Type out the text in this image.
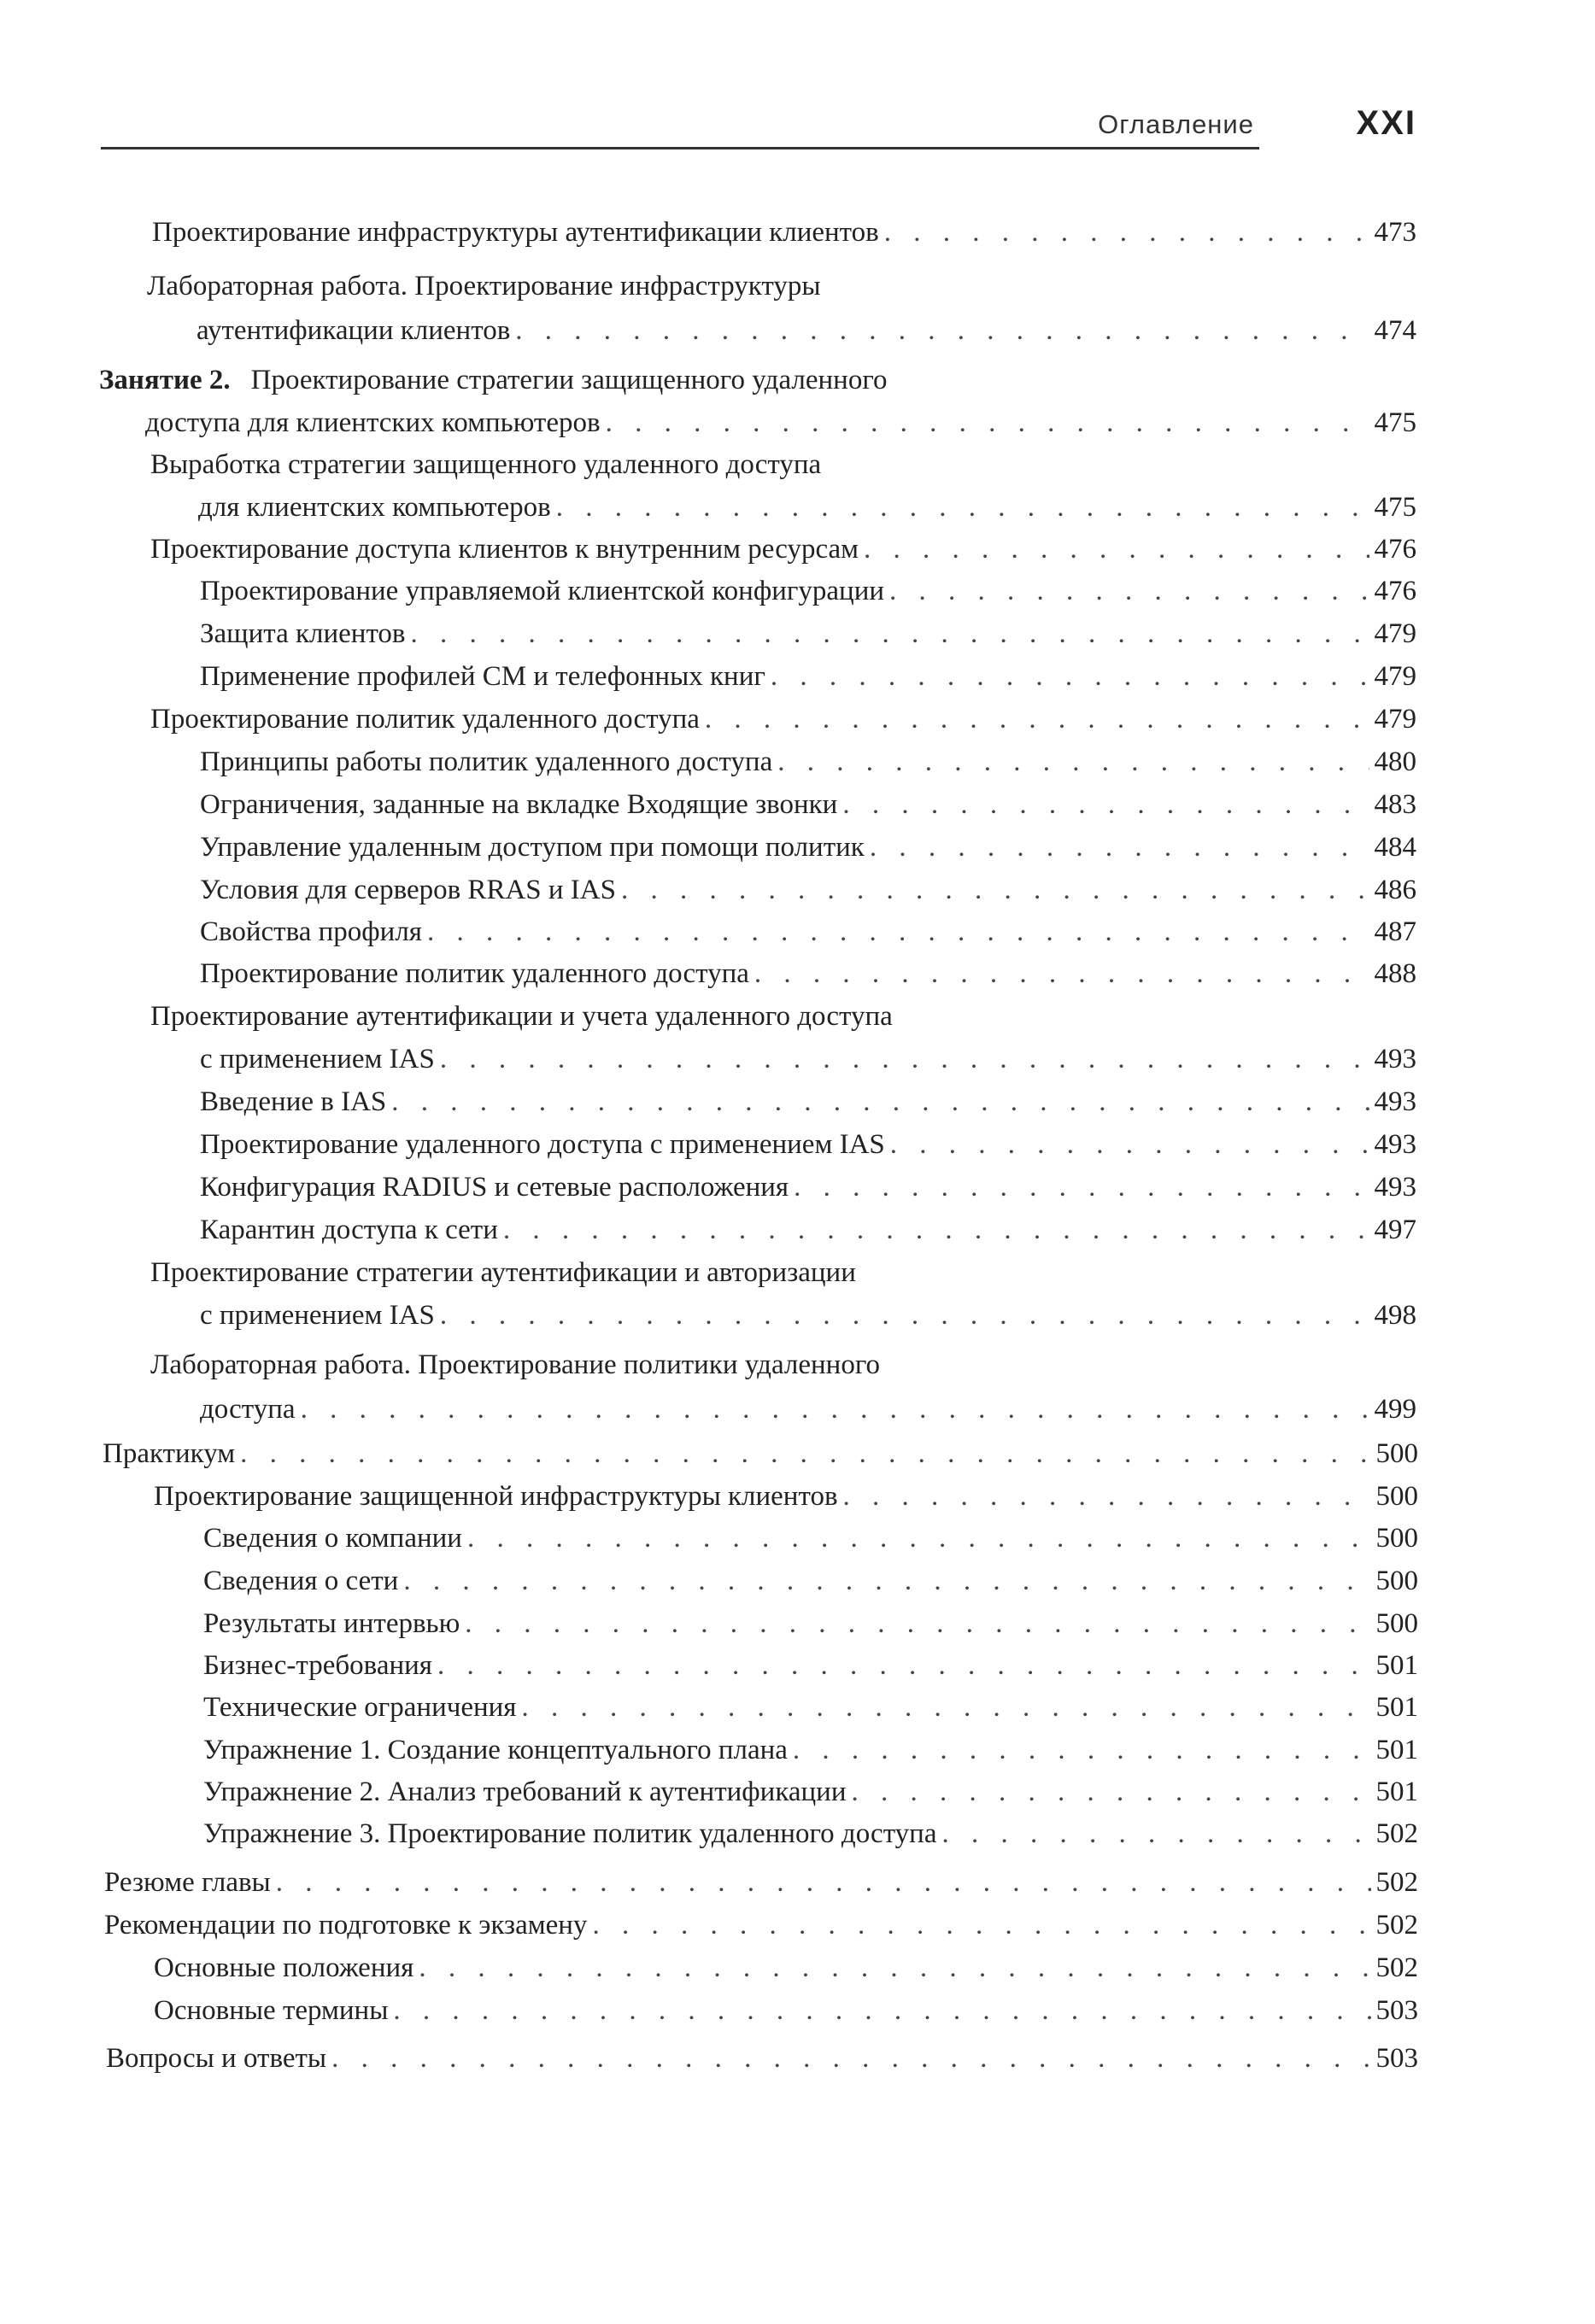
Оглавление	XXI
Проектирование инфраструктуры аутентификации клиентов . . .	473
Лабораторная работа. Проектирование инфраструктуры
аутентификации клиентов . . .	474
Занятие 2. Проектирование стратегии защищенного удаленного
доступа для клиентских компьютеров . . .	475
Выработка стратегии защищенного удаленного доступа
для клиентских компьютеров . . .	475
Проектирование доступа клиентов к внутренним ресурсам . . .	476
Проектирование управляемой клиентской конфигурации . . .	476
Защита клиентов . . .	479
Применение профилей CM и телефонных книг . . .	479
Проектирование политик удаленного доступа . . .	479
Принципы работы политик удаленного доступа . . .	480
Ограничения, заданные на вкладке Входящие звонки . . .	483
Управление удаленным доступом при помощи политик . . .	484
Условия для серверов RRAS и IAS . . .	486
Свойства профиля . . .	487
Проектирование политик удаленного доступа . . .	488
Проектирование аутентификации и учета удаленного доступа
с применением IAS . . .	493
Введение в IAS . . .	493
Проектирование удаленного доступа с применением IAS . . .	493
Конфигурация RADIUS и сетевые расположения . . .	493
Карантин доступа к сети . . .	497
Проектирование стратегии аутентификации и авторизации
с применением IAS . . .	498
Лабораторная работа. Проектирование политики удаленного
доступа . . .	499
Практикум . . .	500
Проектирование защищенной инфраструктуры клиентов . . .	500
Сведения о компании . . .	500
Сведения о сети . . .	500
Результаты интервью . . .	500
Бизнес-требования . . .	501
Технические ограничения . . .	501
Упражнение 1. Создание концептуального плана . . .	501
Упражнение 2. Анализ требований к аутентификации . . .	501
Упражнение 3. Проектирование политик удаленного доступа . . .	502
Резюме главы . . .	502
Рекомендации по подготовке к экзамену . . .	502
Основные положения . . .	502
Основные термины . . .	503
Вопросы и ответы . . .	503
